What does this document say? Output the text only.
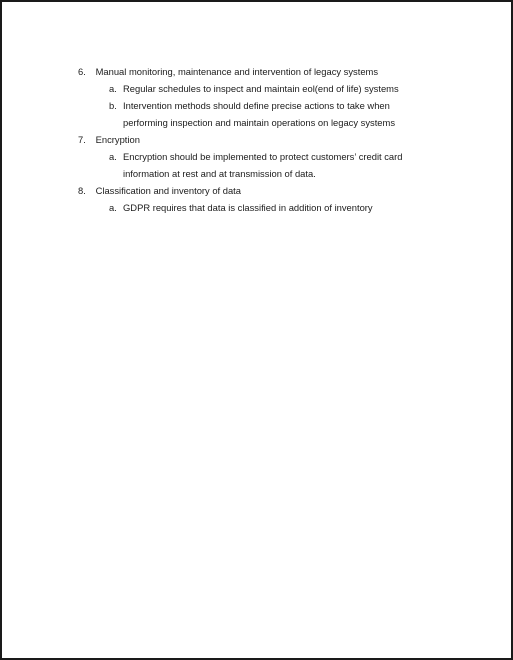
6. Manual monitoring, maintenance and intervention of legacy systems
a. Regular schedules to inspect and maintain eol(end of life) systems
b. Intervention methods should define precise actions to take when
performing inspection and maintain operations on legacy systems
7. Encryption
a. Encryption should be implemented to protect customers’ credit card
information at rest and at transmission of data.
8. Classification and inventory of data
a. GDPR requires that data is classified in addition of inventory
